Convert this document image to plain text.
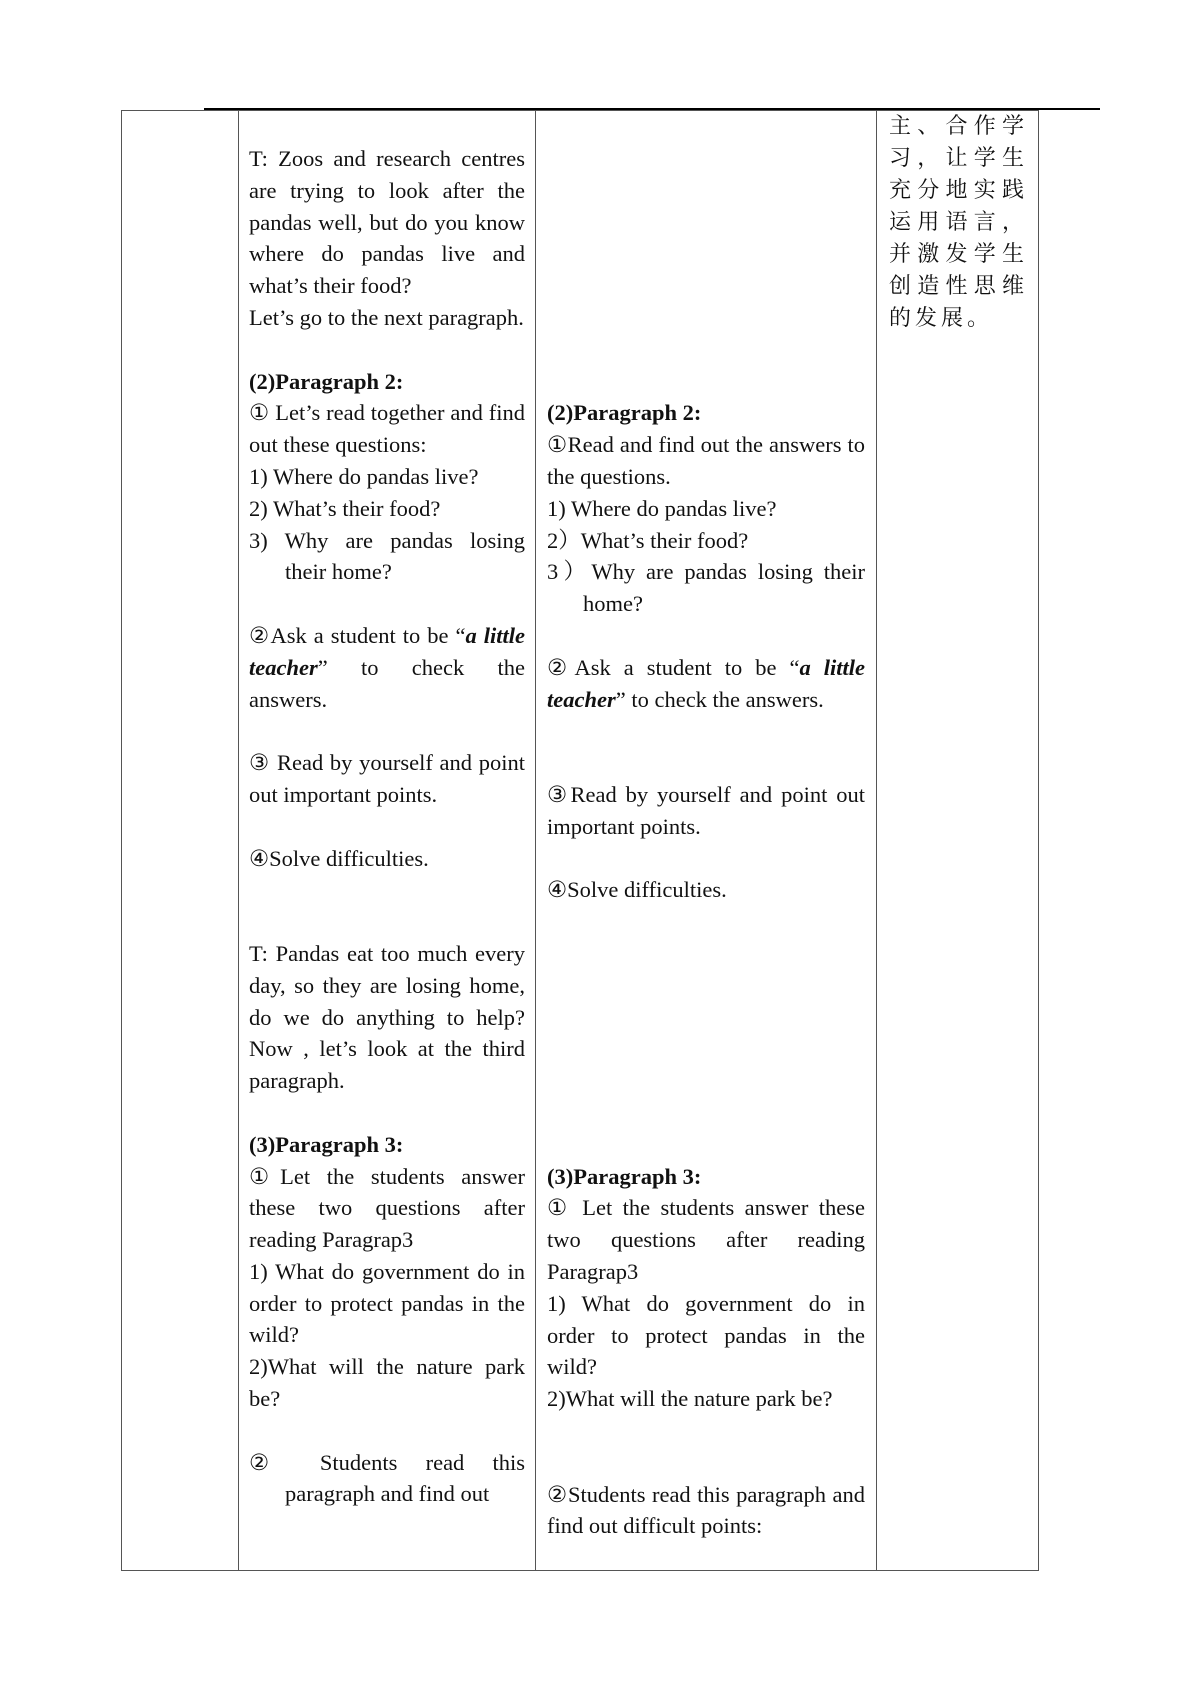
T: Zoos and research centres are trying to look after the pandas well, but do you know where do pandas live and what’s their food?
Let’s go to the next paragraph.
(2)Paragraph 2:
① Let’s read together and find out these questions:
1) Where do pandas live?
2) What’s their food?
3) Why are pandas losing their home?
②Ask a student to be “a little teacher” to check the answers.
③ Read by yourself and point out important points.
④Solve difficulties.
T: Pandas eat too much every day, so they are losing home, do we do anything to help? Now , let’s look at the third paragraph.
(3)Paragraph 3:
①Let the students answer these two questions after reading Paragrap3
1) What do government do in order to protect pandas in the wild?
2)What will the nature park be?
② Students read this paragraph and find out

(2)Paragraph 2:
①Read and find out the answers to the questions.
1) Where do pandas live?
2）What’s their food?
3）Why are pandas losing their home?
②Ask a student to be “a little teacher” to check the answers.
③Read by yourself and point out important points.
④Solve difficulties.
(3)Paragraph 3:
① Let the students answer these two questions after reading Paragrap3
1) What do government do in order to protect pandas in the wild?
2)What will the nature park be?
②Students read this paragraph and find out difficult points:

主、合作学习，让学生充分地实践运用语言，并激发学生创造性思维的发展。
